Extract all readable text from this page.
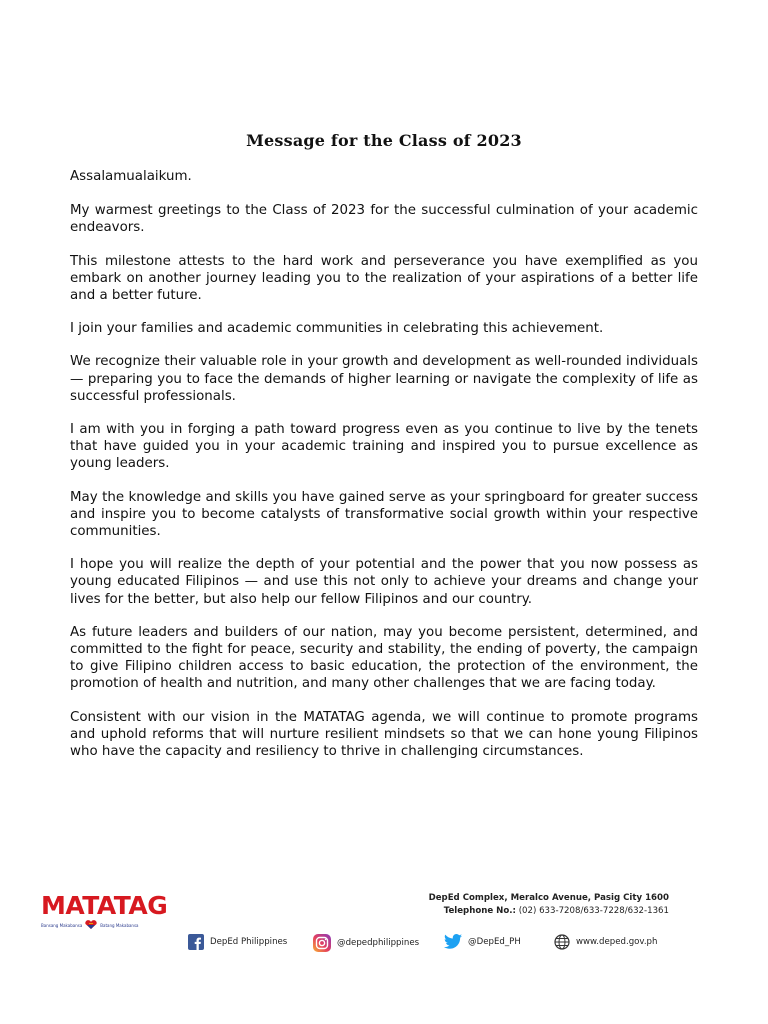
Message for the Class of 2023

Assalamualaikum.

My warmest greetings to the Class of 2023 for the successful culmination of your academic endeavors.

This milestone attests to the hard work and perseverance you have exemplified as you embark on another journey leading you to the realization of your aspirations of a better life and a better future.

I join your families and academic communities in celebrating this achievement.

We recognize their valuable role in your growth and development as well-rounded individuals — preparing you to face the demands of higher learning or navigate the complexity of life as successful professionals.

I am with you in forging a path toward progress even as you continue to live by the tenets that have guided you in your academic training and inspired you to pursue excellence as young leaders.

May the knowledge and skills you have gained serve as your springboard for greater success and inspire you to become catalysts of transformative social growth within your respective communities.

I hope you will realize the depth of your potential and the power that you now possess as young educated Filipinos — and use this not only to achieve your dreams and change your lives for the better, but also help our fellow Filipinos and our country.

As future leaders and builders of our nation, may you become persistent, determined, and committed to the fight for peace, security and stability, the ending of poverty, the campaign to give Filipino children access to basic education, the protection of the environment, the promotion of health and nutrition, and many other challenges that we are facing today.

Consistent with our vision in the MATATAG agenda, we will continue to promote programs and uphold reforms that will nurture resilient mindsets so that we can hone young Filipinos who have the capacity and resiliency to thrive in challenging circumstances.

MATATAG
Bansang Makabansa	Batang Makabansa
DepEd Complex, Meralco Avenue, Pasig City 1600
Telephone No.: (02) 633-7208/633-7228/632-1361
DepEd Philippines	@depedphilippines	@DepEd_PH	www.deped.gov.ph
